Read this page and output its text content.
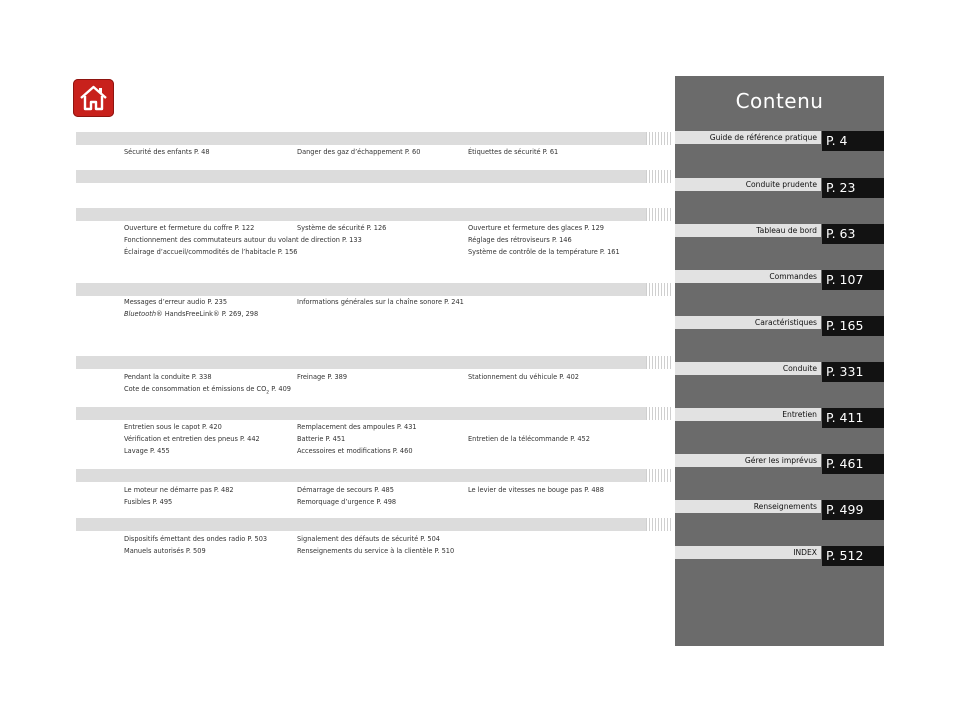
Sécurité des enfants P. 48	Danger des gaz d’échappement P. 60	Étiquettes de sécurité P. 61
Ouverture et fermeture du coffre P. 122	Système de sécurité P. 126	Ouverture et fermeture des glaces P. 129
Fonctionnement des commutateurs autour du volant de direction P. 133	Réglage des rétroviseurs P. 146
Éclairage d’accueil/commodités de l’habitacle P. 156	Système de contrôle de la température P. 161
Messages d’erreur audio P. 235	Informations générales sur la chaîne sonore P. 241
Bluetooth® HandsFreeLink® P. 269, 298
Pendant la conduite P. 338	Freinage P. 389	Stationnement du véhicule P. 402
Cote de consommation et émissions de $CO_2$ P. 409
Entretien sous le capot P. 420	Remplacement des ampoules P. 431
Vérification et entretien des pneus P. 442	Batterie P. 451	Entretien de la télécommande P. 452
Lavage P. 455	Accessoires et modifications P. 460
Le moteur ne démarre pas P. 482	Démarrage de secours P. 485	Le levier de vitesses ne bouge pas P. 488
Fusibles P. 495	Remorquage d’urgence P. 498
Dispositifs émettant des ondes radio P. 503	Signalement des défauts de sécurité P. 504
Manuels autorisés P. 509	Renseignements du service à la clientèle P. 510
Contenu
Guide de référence pratique P. 4
Conduite prudente P. 23
Tableau de bord P. 63
Commandes P. 107
Caractéristiques P. 165
Conduite P. 331
Entretien P. 411
Gérer les imprévus P. 461
Renseignements P. 499
INDEX P. 512
